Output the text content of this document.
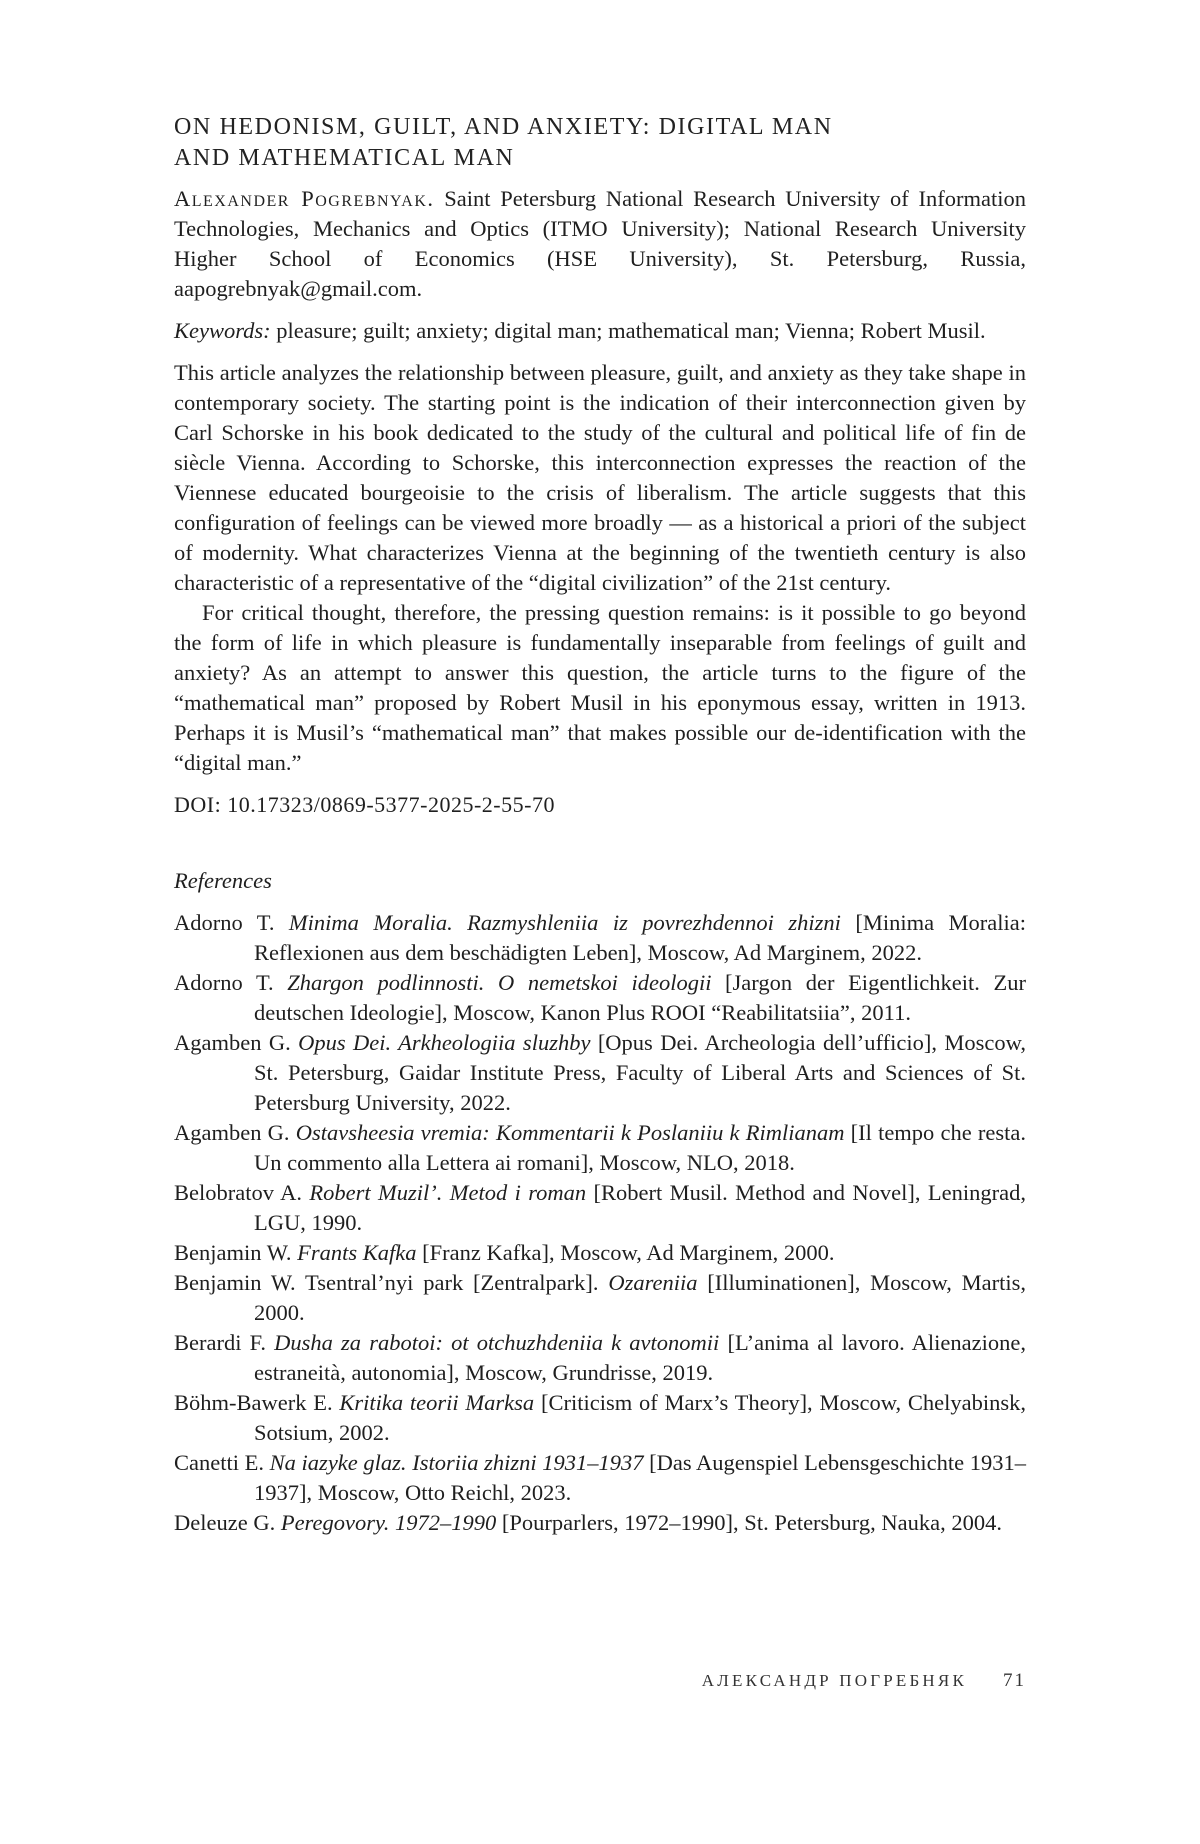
ON HEDONISM, GUILT, AND ANXIETY: DIGITAL MAN
AND MATHEMATICAL MAN

Alexander Pogrebnyak. Saint Petersburg National Research University of Information Technologies, Mechanics and Optics (ITMO University); National Research University Higher School of Economics (HSE University), St. Petersburg, Russia, aapogrebnyak@gmail.com.

Keywords: pleasure; guilt; anxiety; digital man; mathematical man; Vienna; Robert Musil.

This article analyzes the relationship between pleasure, guilt, and anxiety as they take shape in contemporary society. The starting point is the indication of their interconnection given by Carl Schorske in his book dedicated to the study of the cultural and political life of fin de siècle Vienna. According to Schorske, this interconnection expresses the reaction of the Viennese educated bourgeoisie to the crisis of liberalism. The article suggests that this configuration of feelings can be viewed more broadly — as a historical a priori of the subject of modernity. What characterizes Vienna at the beginning of the twentieth century is also characteristic of a representative of the “digital civilization” of the 21st century.

For critical thought, therefore, the pressing question remains: is it possible to go beyond the form of life in which pleasure is fundamentally inseparable from feelings of guilt and anxiety? As an attempt to answer this question, the article turns to the figure of the “mathematical man” proposed by Robert Musil in his eponymous essay, written in 1913. Perhaps it is Musil’s “mathematical man” that makes possible our de-identification with the “digital man.”

DOI: 10.17323/0869-5377-2025-2-55-70

References

Adorno T. Minima Moralia. Razmyshleniia iz povrezhdennoi zhizni [Minima Moralia: Reflexionen aus dem beschädigten Leben], Moscow, Ad Marginem, 2022.

Adorno T. Zhargon podlinnosti. O nemetskoi ideologii [Jargon der Eigentlichkeit. Zur deutschen Ideologie], Moscow, Kanon Plus ROOI “Reabilitatsiia”, 2011.

Agamben G. Opus Dei. Arkheologiia sluzhby [Opus Dei. Archeologia dell’ufficio], Moscow, St. Petersburg, Gaidar Institute Press, Faculty of Liberal Arts and Sciences of St. Petersburg University, 2022.

Agamben G. Ostavsheesia vremia: Kommentarii k Poslaniiu k Rimlianam [Il tempo che resta. Un commento alla Lettera ai romani], Moscow, NLO, 2018.

Belobratov A. Robert Muzil’. Metod i roman [Robert Musil. Method and Novel], Leningrad, LGU, 1990.

Benjamin W. Frants Kafka [Franz Kafka], Moscow, Ad Marginem, 2000.

Benjamin W. Tsentral’nyi park [Zentralpark]. Ozareniia [Illuminationen], Moscow, Martis, 2000.

Berardi F. Dusha za rabotoi: ot otchuzhdeniia k avtonomii [L’anima al lavoro. Alienazione, estraneità, autonomia], Moscow, Grundrisse, 2019.

Böhm-Bawerk E. Kritika teorii Marksa [Criticism of Marx’s Theory], Moscow, Chelyabinsk, Sotsium, 2002.

Canetti E. Na iazyke glaz. Istoriia zhizni 1931–1937 [Das Augenspiel Lebensgeschichte 1931–1937], Moscow, Otto Reichl, 2023.

Deleuze G. Peregovory. 1972–1990 [Pourparlers, 1972–1990], St. Petersburg, Nauka, 2004.

АЛЕКСАНДР ПОГРЕБНЯК 71
